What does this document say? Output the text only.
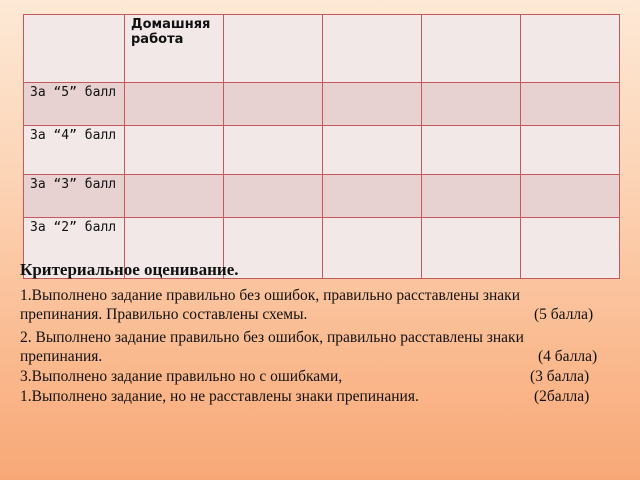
	Домашняя работа				
За “5” балл					
За “4” балл					
За “3” балл					
За “2” балл					
Критериальное оценивание.
1.Выполнено задание правильно без ошибок, правильно расставлены знаки
препинания. Правильно составлены схемы.	(5 балла)
2. Выполнено задание правильно без ошибок, правильно расставлены знаки
препинания.	(4 балла)
3.Выполнено задание правильно но с ошибками,	(3 балла)
1.Выполнено задание, но не расставлены знаки препинания.	(2балла)
